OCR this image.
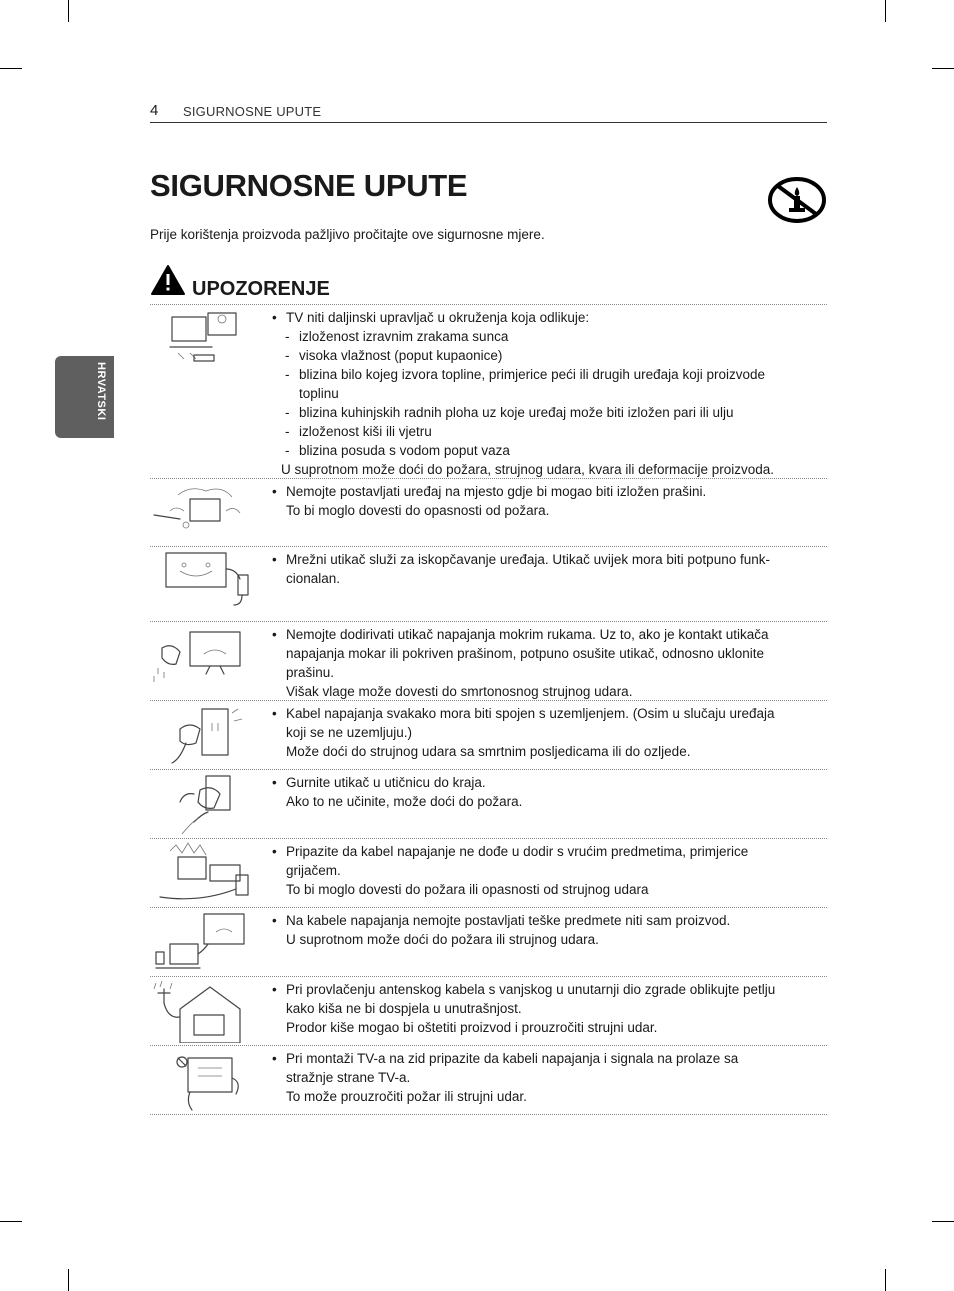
4 SIGURNOSNE UPUTE
SIGURNOSNE UPUTE
Prije korištenja proizvoda pažljivo pročitajte ove sigurnosne mjere.
HRVATSKI
UPOZORENJE
• TV niti daljinski upravljač u okruženja koja odlikuje:
- izloženost izravnim zrakama sunca
- visoka vlažnost (poput kupaonice)
- blizina bilo kojeg izvora topline, primjerice peći ili drugih uređaja koji proizvode
toplinu
- blizina kuhinjskih radnih ploha uz koje uređaj može biti izložen pari ili ulju
- izloženost kiši ili vjetru
- blizina posuda s vodom poput vaza
U suprotnom može doći do požara, strujnog udara, kvara ili deformacije proizvoda.
• Nemojte postavljati uređaj na mjesto gdje bi mogao biti izložen prašini.
To bi moglo dovesti do opasnosti od požara.
• Mrežni utikač služi za iskopčavanje uređaja. Utikač uvijek mora biti potpuno funk-
cionalan.
• Nemojte dodirivati utikač napajanja mokrim rukama. Uz to, ako je kontakt utikača
napajanja mokar ili pokriven prašinom, potpuno osušite utikač, odnosno uklonite
prašinu.
Višak vlage može dovesti do smrtonosnog strujnog udara.
• Kabel napajanja svakako mora biti spojen s uzemljenjem. (Osim u slučaju uređaja
koji se ne uzemljuju.)
Može doći do strujnog udara sa smrtnim posljedicama ili do ozljede.
• Gurnite utikač u utičnicu do kraja.
Ako to ne učinite, može doći do požara.
• Pripazite da kabel napajanje ne dođe u dodir s vrućim predmetima, primjerice
grijačem.
To bi moglo dovesti do požara ili opasnosti od strujnog udara
• Na kabele napajanja nemojte postavljati teške predmete niti sam proizvod.
U suprotnom može doći do požara ili strujnog udara.
• Pri provlačenju antenskog kabela s vanjskog u unutarnji dio zgrade oblikujte petlju
kako kiša ne bi dospjela u unutrašnjost.
Prodor kiše mogao bi oštetiti proizvod i prouzročiti strujni udar.
• Pri montaži TV-a na zid pripazite da kabeli napajanja i signala na prolaze sa
stražnje strane TV-a.
To može prouzročiti požar ili strujni udar.
